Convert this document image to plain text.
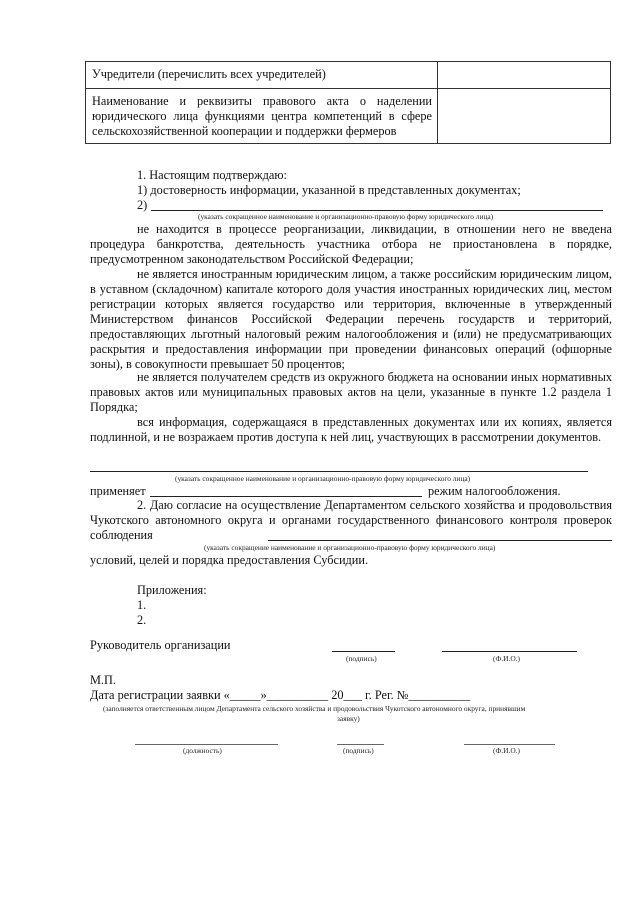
Учредители (перечислить всех учредителей)	
Наименование и реквизиты правового акта о наделении юридического лица функциями центра компетенций в сфере сельскохозяйственной кооперации и поддержки фермеров	
1. Настоящим подтверждаю:
1) достоверность информации, указанной в представленных документах;
2)
(указать сокращенное наименование и организационно-правовую форму юридического лица)
не находится в процессе реорганизации, ликвидации, в отношении него не введена процедура банкротства, деятельность участника отбора не приостановлена в порядке, предусмотренном законодательством Российской Федерации;
не является иностранным юридическим лицом, а также российским юридическим лицом, в уставном (складочном) капитале которого доля участия иностранных юридических лиц, местом регистрации которых является государство или территория, включенные в утвержденный Министерством финансов Российской Федерации перечень государств и территорий, предоставляющих льготный налоговый режим налогообложения и (или) не предусматривающих раскрытия и предоставления информации при проведении финансовых операций (офшорные зоны), в совокупности превышает 50 процентов;
не является получателем средств из окружного бюджета на основании иных нормативных правовых актов или муниципальных правовых актов на цели, указанные в пункте 1.2 раздела 1 Порядка;
вся информация, содержащаяся в представленных документах или их копиях, является подлинной, и не возражаем против доступа к ней лиц, участвующих в рассмотрении документов.
(указать сокращенное наименование и организационно-правовую форму юридического лица)
применяет	режим налогообложения.
2. Даю согласие на осуществление Департаментом сельского хозяйства и продовольствия Чукотского автономного округа и органами государственного финансового контроля проверок соблюдения
(указать сокращение наименование и организационно-правовую форму юридического лица)
условий, целей и порядка предоставления Субсидии.
Приложения:
1.
2.
Руководитель организации
(подпись)	(Ф.И.О.)
М.П.
Дата регистрации заявки «_____»__________ 20___ г. Рег. №__________
(заполняется ответственным лицом Департамента сельского хозяйства и продовольствия Чукотского автономного округа, принявшим
заявку)
(должность)	(подпись)	(Ф.И.О.)
